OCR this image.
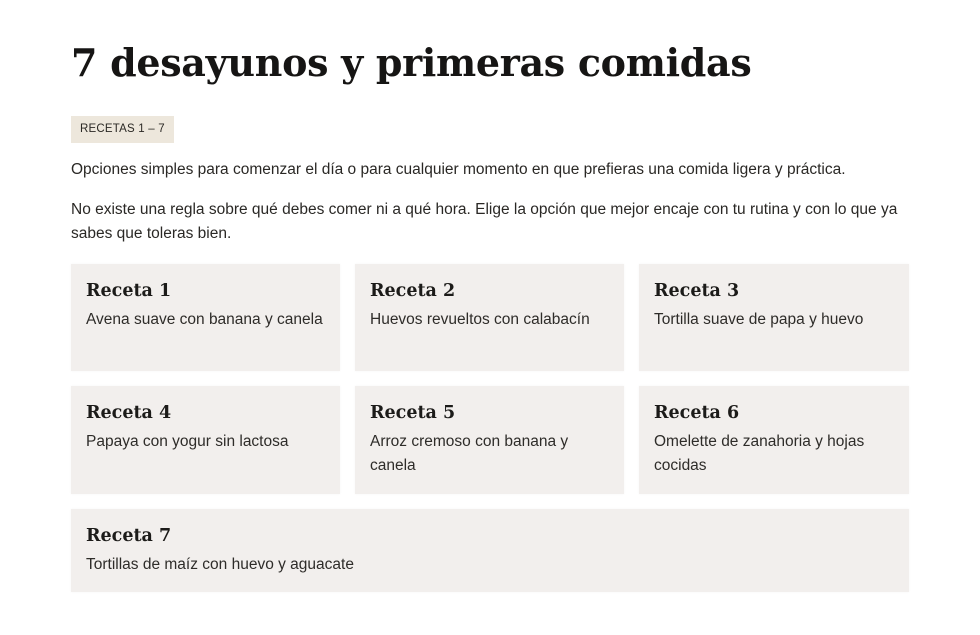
7 desayunos y primeras comidas
RECETAS 1 – 7

Opciones simples para comenzar el día o para cualquier momento en que prefieras una comida ligera y práctica.

No existe una regla sobre qué debes comer ni a qué hora. Elige la opción que mejor encaje con tu rutina y con lo que ya sabes que toleras bien.

Receta 1
Avena suave con banana y canela
Receta 2
Huevos revueltos con calabacín
Receta 3
Tortilla suave de papa y huevo
Receta 4
Papaya con yogur sin lactosa
Receta 5
Arroz cremoso con banana y canela
Receta 6
Omelette de zanahoria y hojas cocidas
Receta 7
Tortillas de maíz con huevo y aguacate
